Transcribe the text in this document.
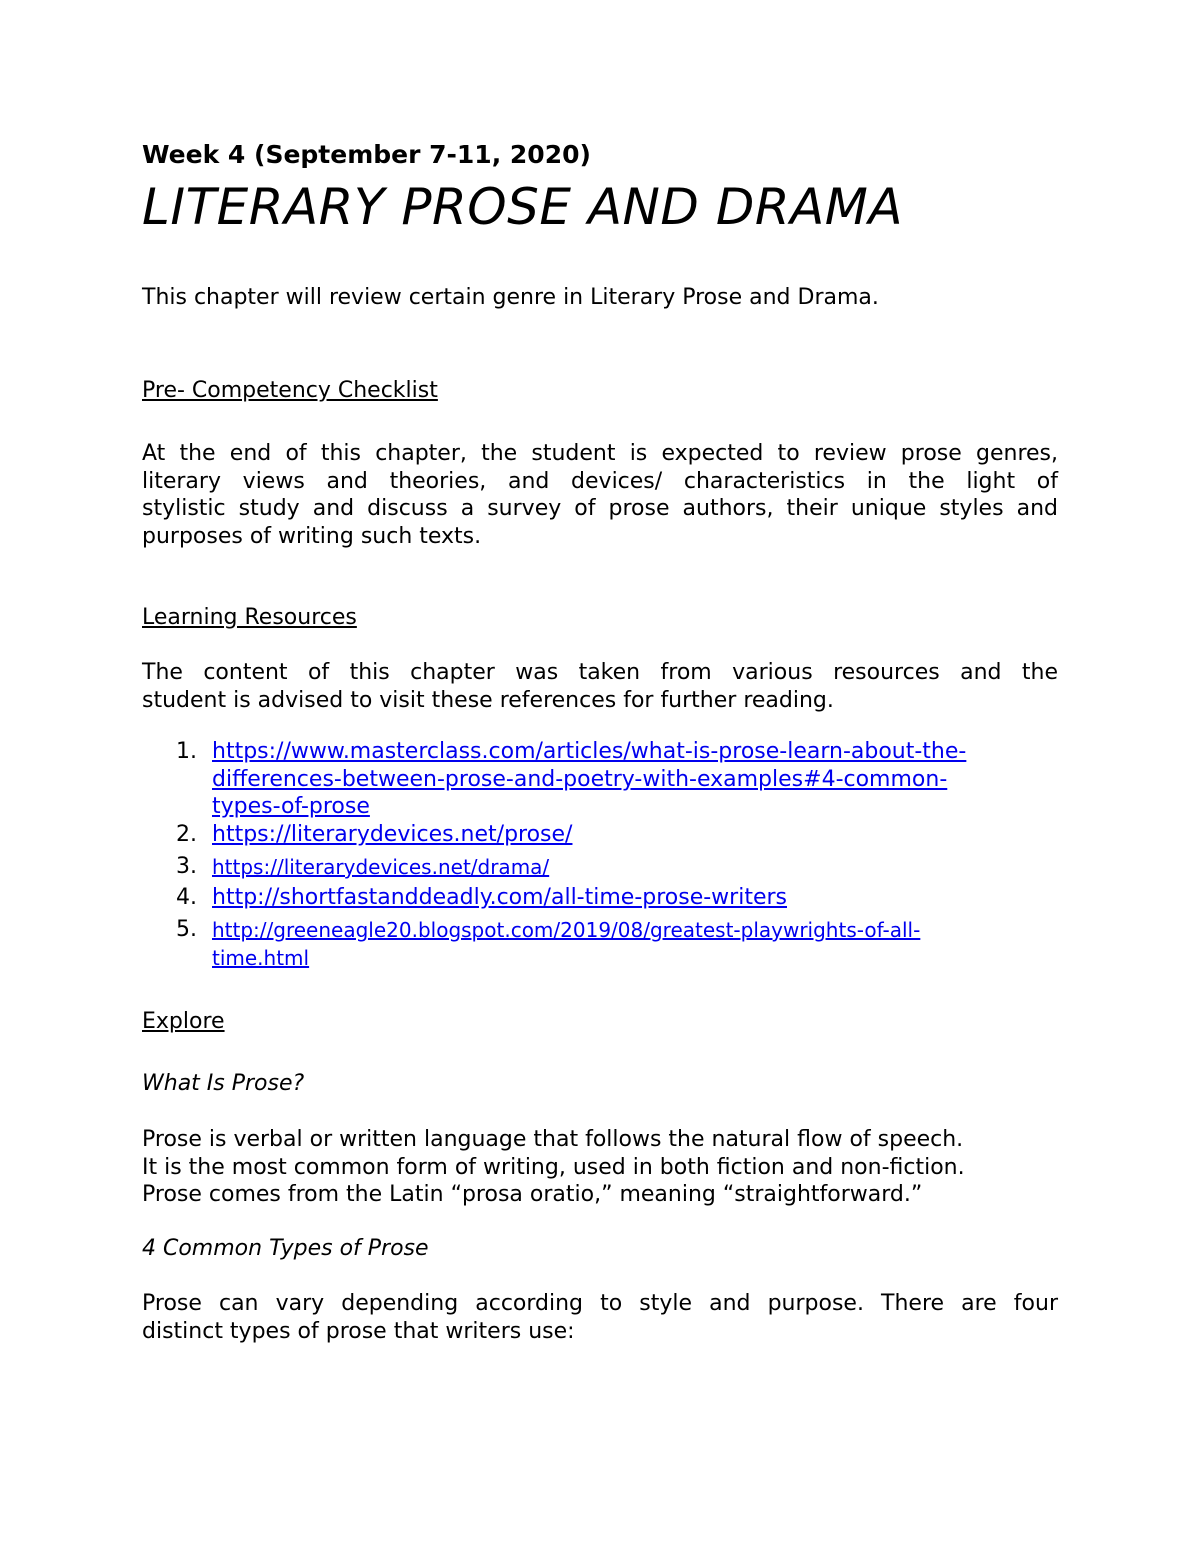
Week 4 (September 7-11, 2020)
LITERARY PROSE AND DRAMA

This chapter will review certain genre in Literary Prose and Drama.

Pre- Competency Checklist

At the end of this chapter, the student is expected to review prose genres,
literary views and theories, and devices/ characteristics in the light of
stylistic study and discuss a survey of prose authors, their unique styles and
purposes of writing such texts.

Learning Resources

The content of this chapter was taken from various resources and the
student is advised to visit these references for further reading.

1. https://www.masterclass.com/articles/what-is-prose-learn-about-the-
differences-between-prose-and-poetry-with-examples#4-common-
types-of-prose
2. https://literarydevices.net/prose/
3. https://literarydevices.net/drama/
4. http://shortfastanddeadly.com/all-time-prose-writers
5. http://greeneagle20.blogspot.com/2019/08/greatest-playwrights-of-all-
time.html

Explore

What Is Prose?

Prose is verbal or written language that follows the natural flow of speech.
It is the most common form of writing, used in both fiction and non-fiction.
Prose comes from the Latin “prosa oratio,” meaning “straightforward.”

4 Common Types of Prose

Prose can vary depending according to style and purpose. There are four
distinct types of prose that writers use:
